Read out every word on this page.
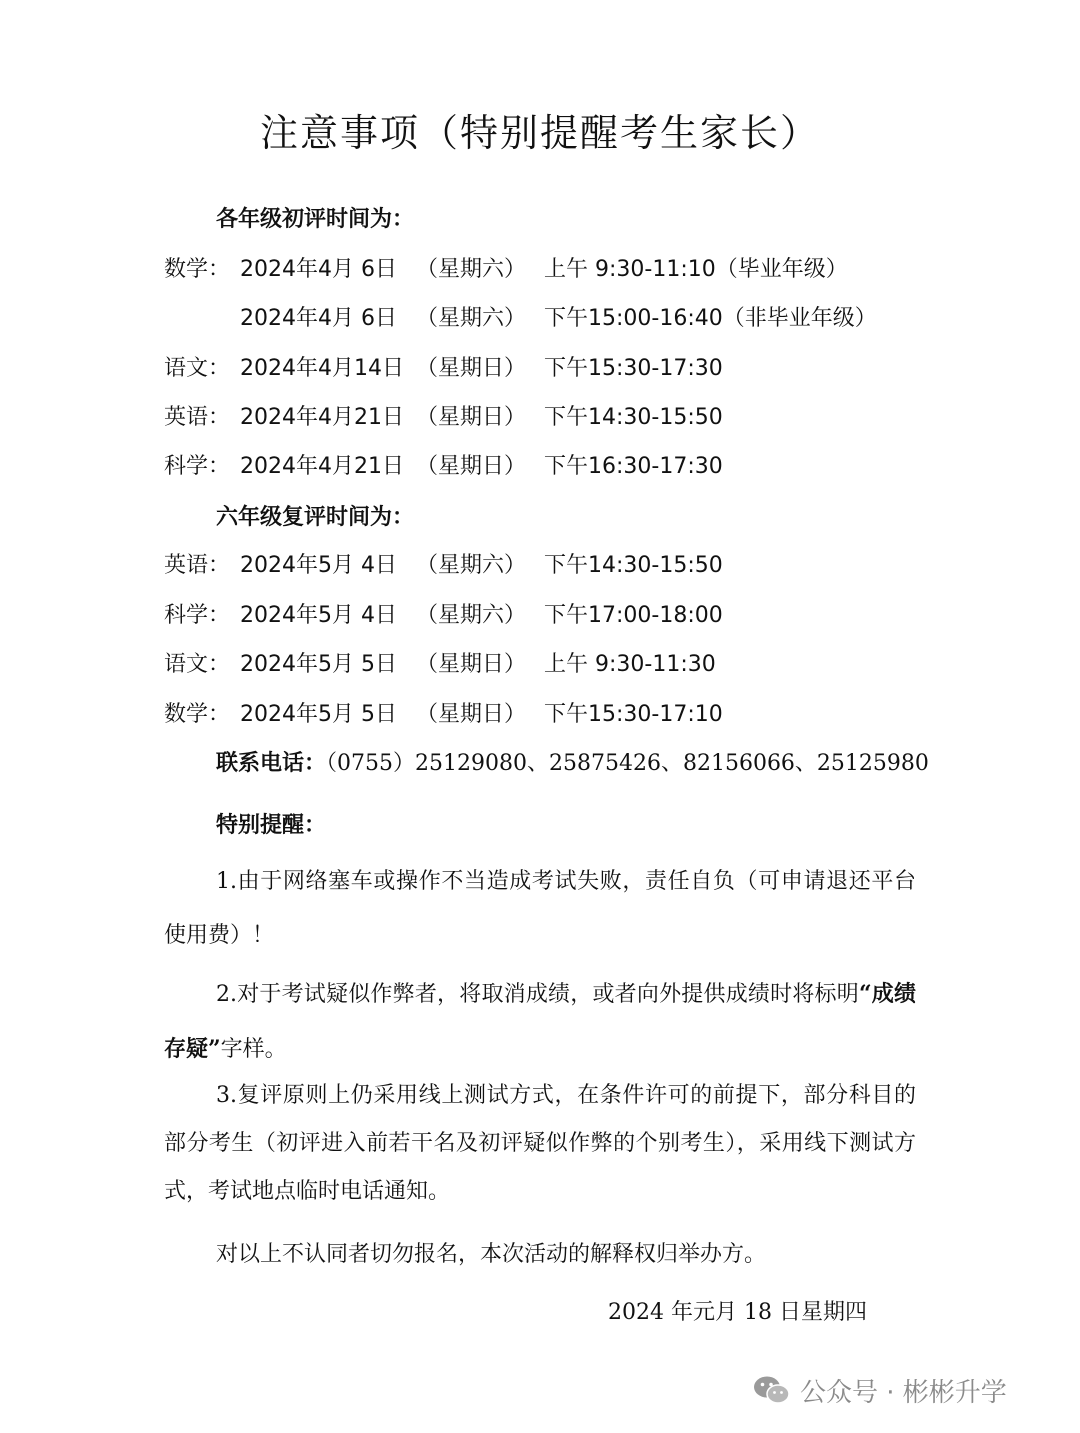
注意事项（特别提醒考生家长）
各年级初评时间为：
数学： 2024年4月 6日 （星期六） 上午 9:30-11:10（毕业年级）
2024年4月 6日 （星期六） 下午15:00-16:40（非毕业年级）
语文： 2024年4月14日 （星期日） 下午15:30-17:30
英语： 2024年4月21日 （星期日） 下午14:30-15:50
科学： 2024年4月21日 （星期日） 下午16:30-17:30
六年级复评时间为：
英语： 2024年5月 4日 （星期六） 下午14:30-15:50
科学： 2024年5月 4日 （星期六） 下午17:00-18:00
语文： 2024年5月 5日 （星期日） 上午 9:30-11:30
数学： 2024年5月 5日 （星期日） 下午15:30-17:10
联系电话：（0755）25129080、25875426、82156066、25125980
特别提醒：
1.由于网络塞车或操作不当造成考试失败，责任自负（可申请退还平台使用费）！
2.对于考试疑似作弊者，将取消成绩，或者向外提供成绩时将标明“成绩存疑”字样。
3.复评原则上仍采用线上测试方式，在条件许可的前提下，部分科目的部分考生（初评进入前若干名及初评疑似作弊的个别考生），采用线下测试方式，考试地点临时电话通知。
对以上不认同者切勿报名，本次活动的解释权归举办方。
2024 年元月 18 日星期四
公众号 · 彬彬升学
